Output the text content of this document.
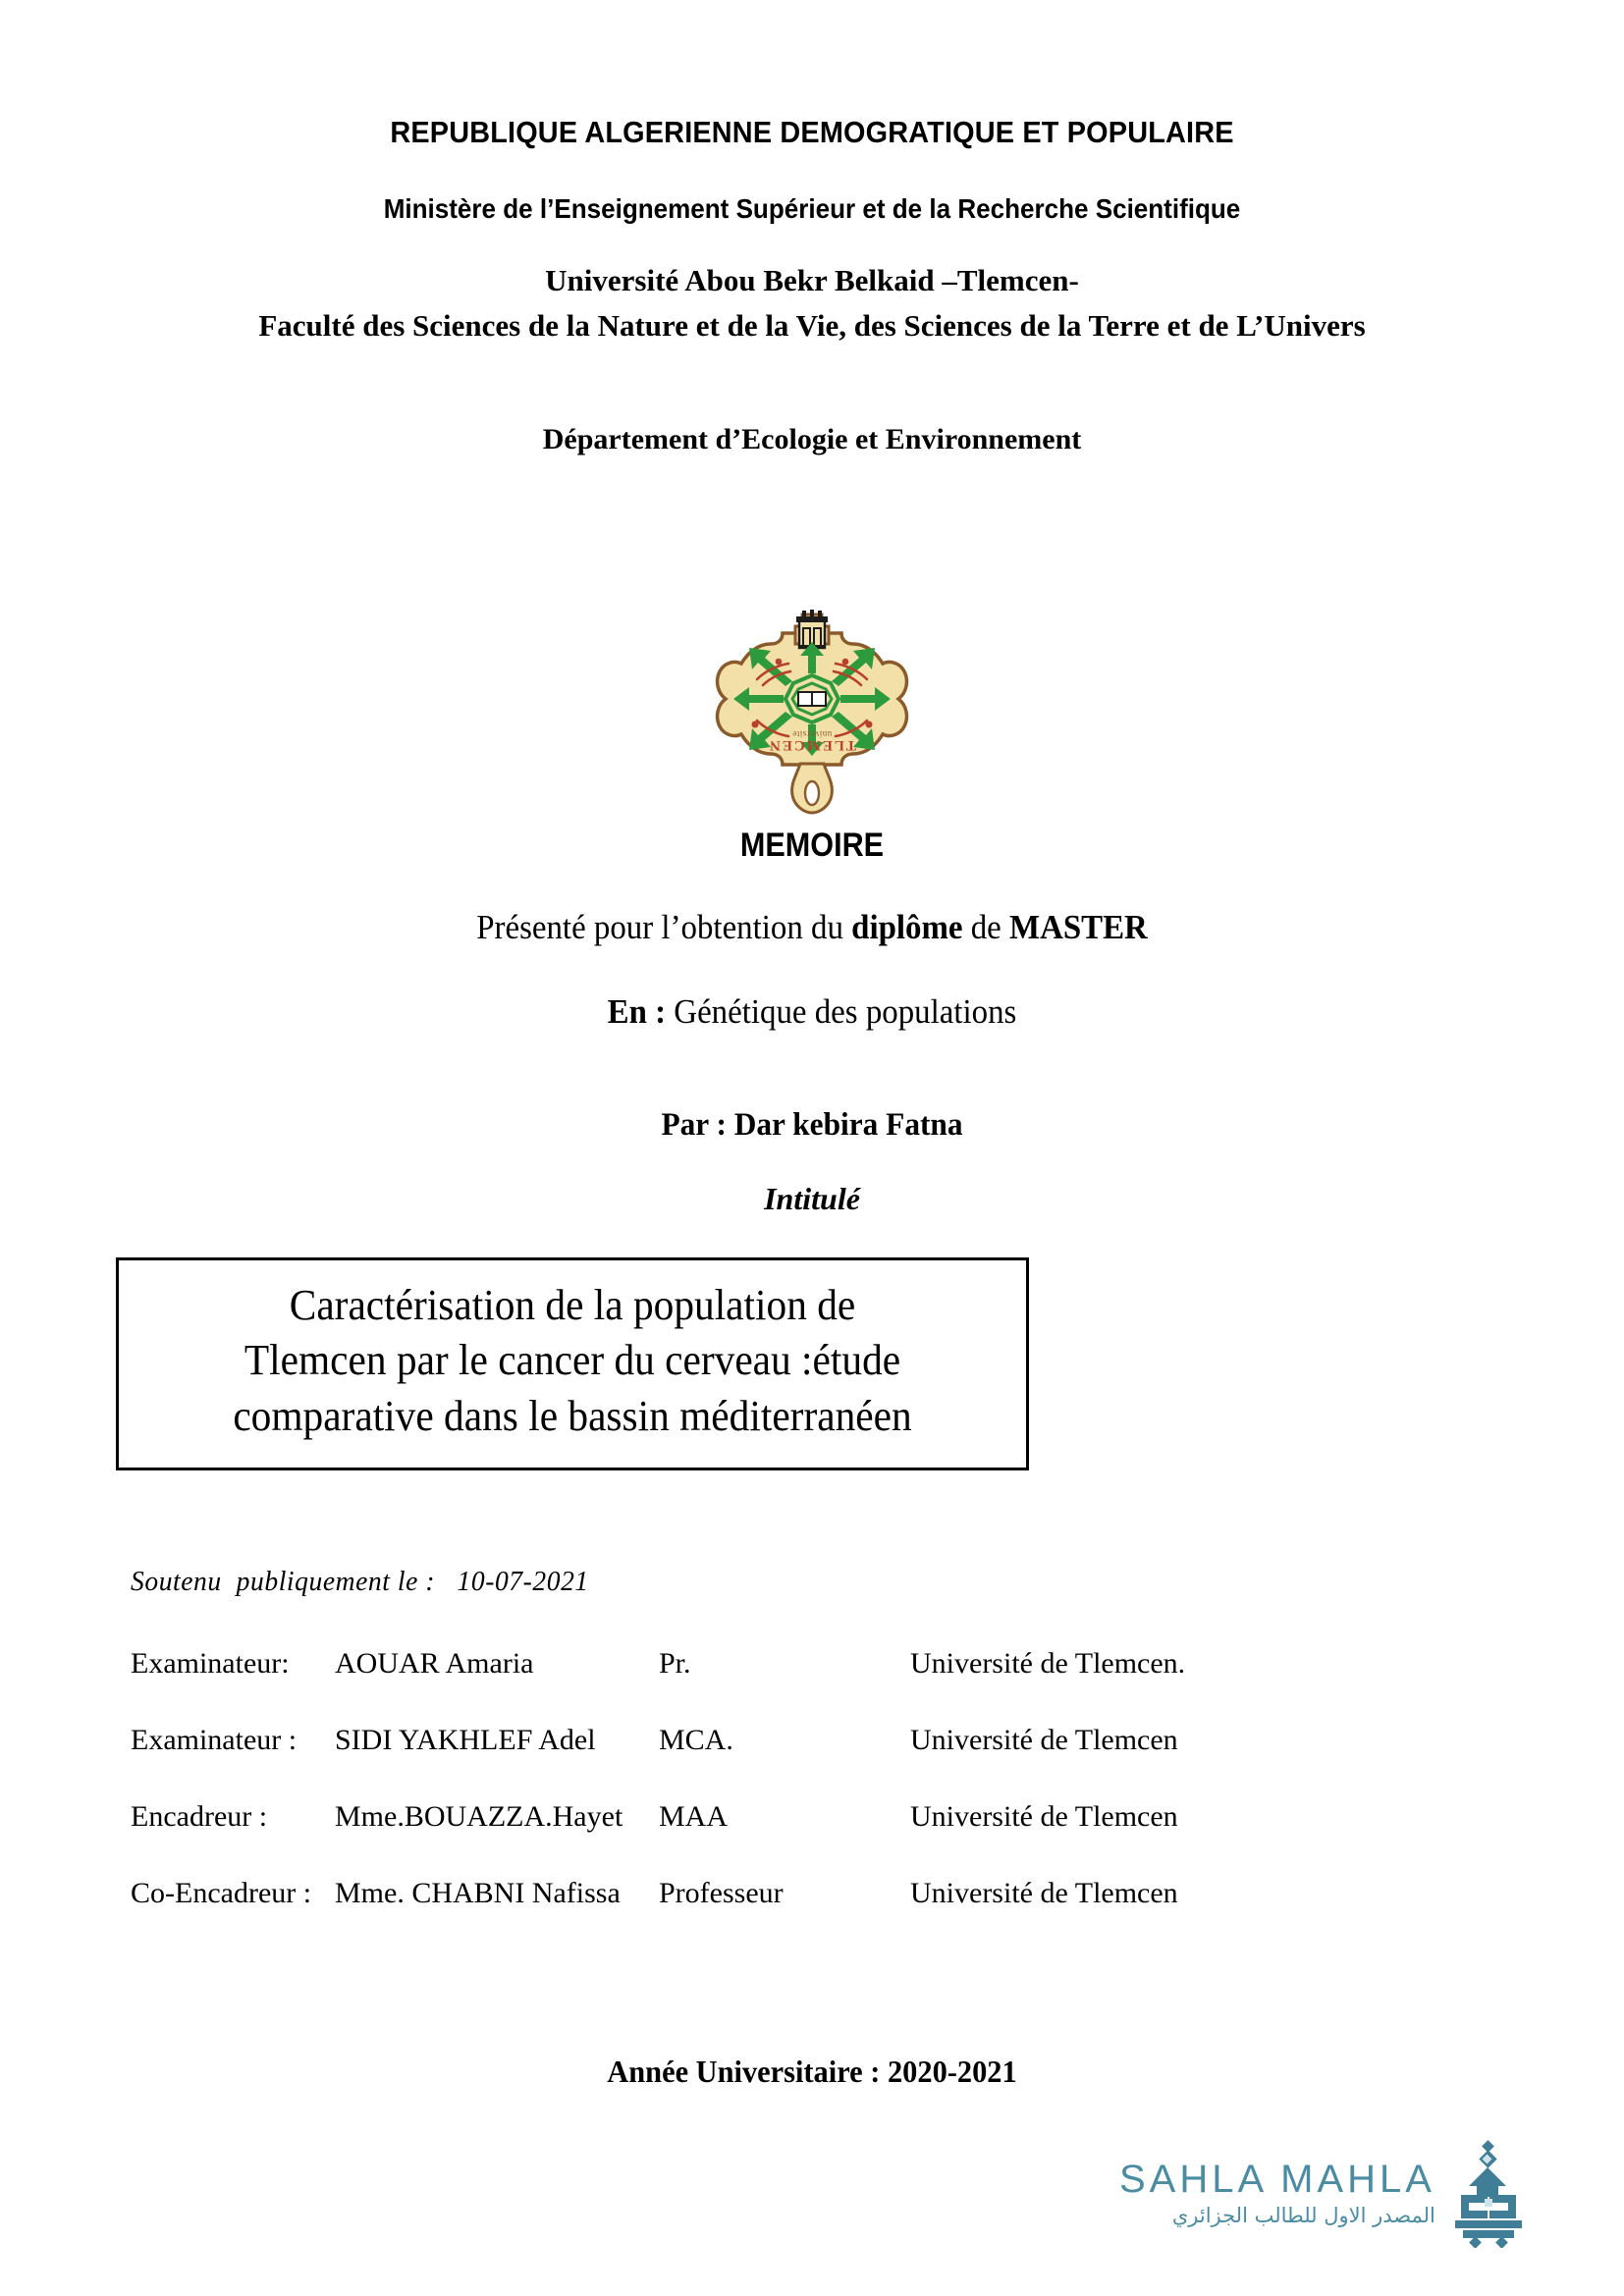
REPUBLIQUE ALGERIENNE DEMOGRATIQUE ET POPULAIRE
Ministère de l’Enseignement Supérieur et de la Recherche Scientifique
Université Abou Bekr Belkaid –Tlemcen-
Faculté des Sciences de la Nature et de la Vie, des Sciences de la Terre et de L’Univers
Département d’Ecologie et Environnement
TLEMCEN
universite
MEMOIRE
Présenté pour l’obtention du diplôme de MASTER
En : Génétique des populations
Par : Dar kebira Fatna
Intitulé
Caractérisation de la population de
Tlemcen par le cancer du cerveau :étude
comparative dans le bassin méditerranéen
Soutenu  publiquement le :   10-07-2021
Examinateur:	AOUAR Amaria	Pr.	Université de Tlemcen.
Examinateur :	SIDI YAKHLEF Adel	MCA.	Université de Tlemcen
Encadreur :	Mme.BOUAZZA.Hayet	MAA	Université de Tlemcen
Co-Encadreur :	Mme. CHABNI Nafissa	Professeur	Université de Tlemcen
Année Universitaire : 2020-2021
SAHLA MAHLA
المصدر الاول للطالب الجزائري
